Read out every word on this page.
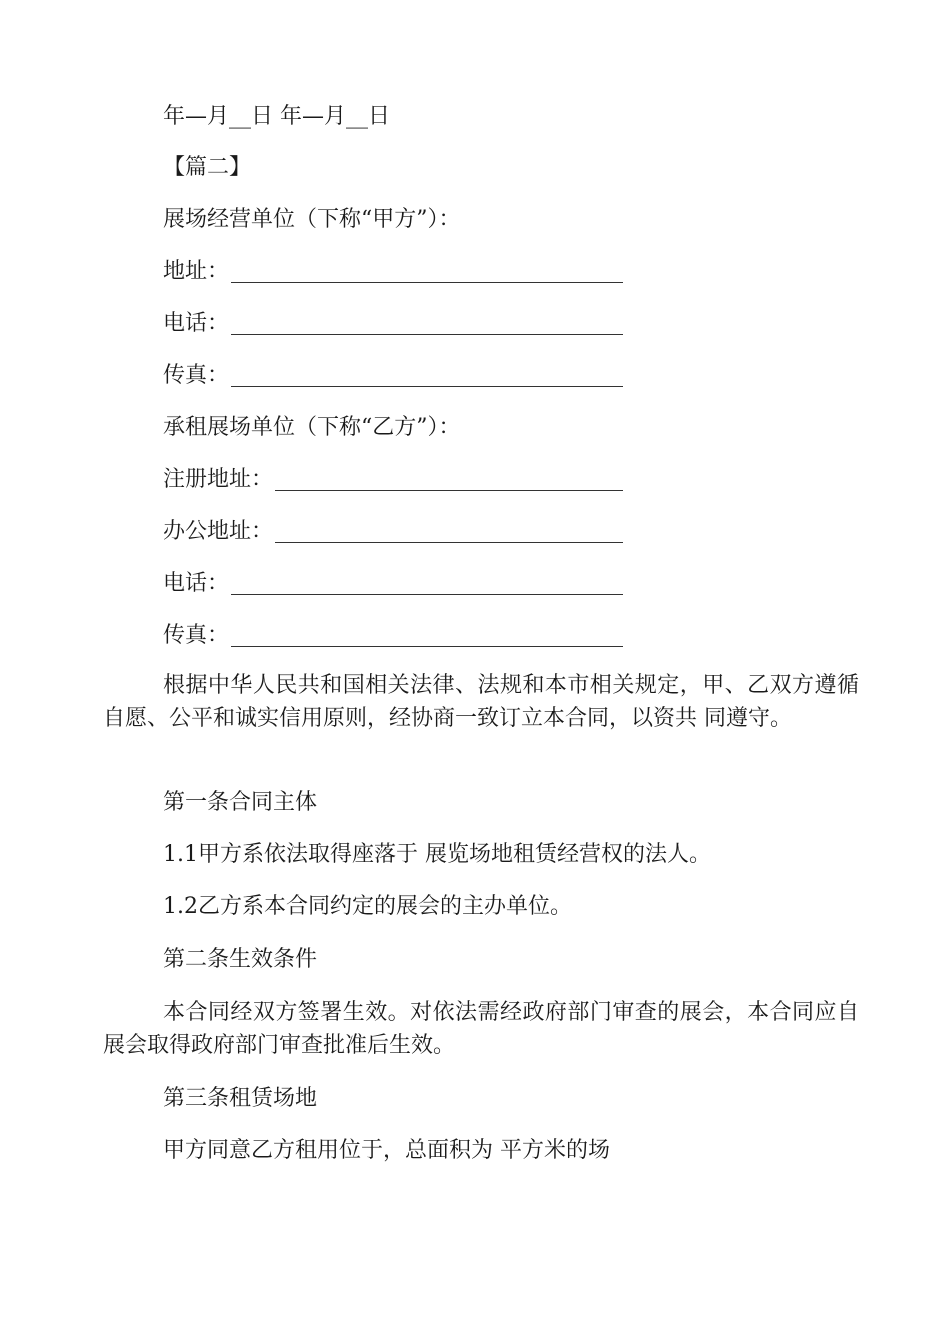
年—月__日 年—月__日
【篇二】
展场经营单位（下称“甲方”）：
地址：
电话：
传真：
承租展场单位（下称“乙方”）：
注册地址：
办公地址：
电话：
传真：
根据中华人民共和国相关法律、法规和本市相关规定，甲、乙双方遵循自愿、公平和诚实信用原则，经协商一致订立本合同，以资共 同遵守。
第一条合同主体
1.1甲方系依法取得座落于 展览场地租赁经营权的法人。
1.2乙方系本合同约定的展会的主办单位。
第二条生效条件
本合同经双方签署生效。对依法需经政府部门审查的展会，本合同应自展会取得政府部门审查批准后生效。
第三条租赁场地
甲方同意乙方租用位于，总面积为 平方米的场
